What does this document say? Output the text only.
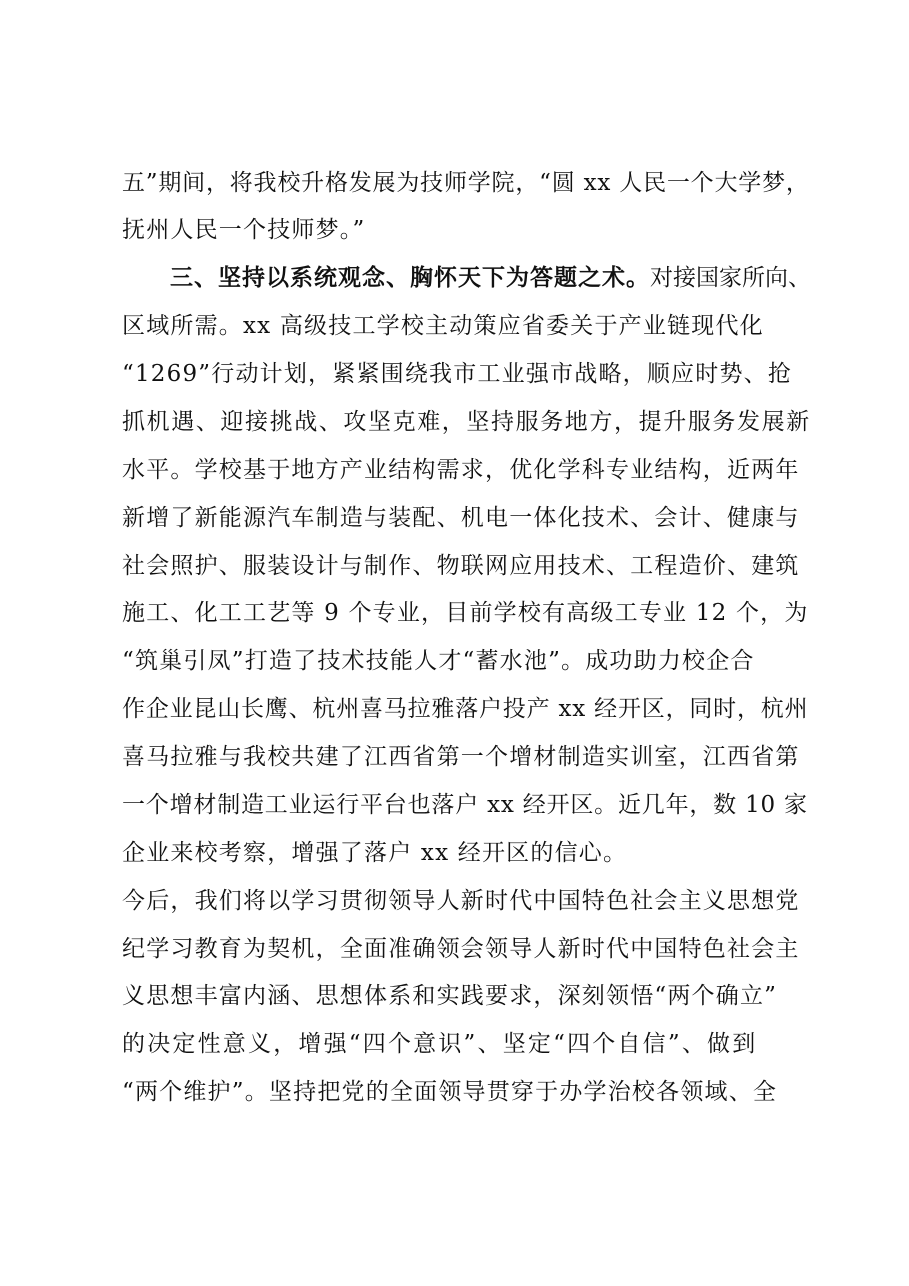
五”期间，将我校升格发展为技师学院，“圆 xx 人民一个大学梦，
抚州人民一个技师梦。”
三、坚持以系统观念、胸怀天下为答题之术。对接国家所向、
区域所需。xx 高级技工学校主动策应省委关于产业链现代化
“1269”行动计划，紧紧围绕我市工业强市战略，顺应时势、抢
抓机遇、迎接挑战、攻坚克难，坚持服务地方，提升服务发展新
水平。学校基于地方产业结构需求，优化学科专业结构，近两年
新增了新能源汽车制造与装配、机电一体化技术、会计、健康与
社会照护、服装设计与制作、物联网应用技术、工程造价、建筑
施工、化工工艺等 9 个专业，目前学校有高级工专业 12 个，为
“筑巢引凤”打造了技术技能人才“蓄水池”。成功助力校企合
作企业昆山长鹰、杭州喜马拉雅落户投产 xx 经开区，同时，杭州
喜马拉雅与我校共建了江西省第一个增材制造实训室，江西省第
一个增材制造工业运行平台也落户 xx 经开区。近几年，数 10 家
企业来校考察，增强了落户 xx 经开区的信心。
今后，我们将以学习贯彻领导人新时代中国特色社会主义思想党
纪学习教育为契机，全面准确领会领导人新时代中国特色社会主
义思想丰富内涵、思想体系和实践要求，深刻领悟“两个确立”
的决定性意义，增强“四个意识”、坚定“四个自信”、做到
“两个维护”。坚持把党的全面领导贯穿于办学治校各领域、全
